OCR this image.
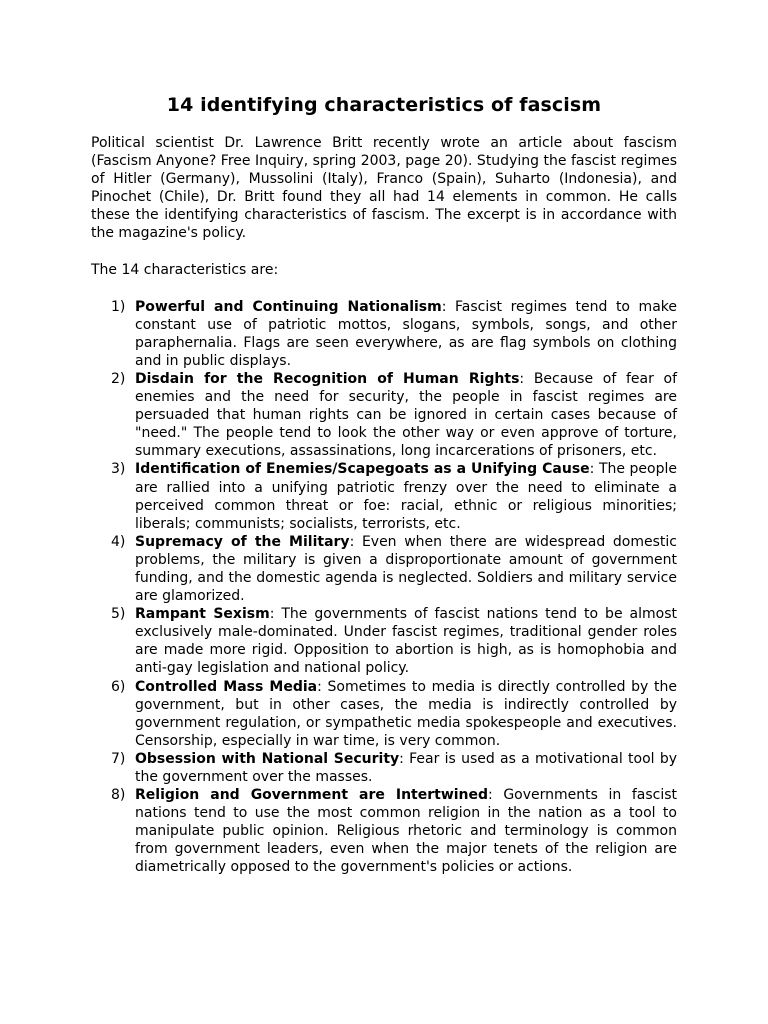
14 identifying characteristics of fascism

Political scientist Dr. Lawrence Britt recently wrote an article about fascism (Fascism Anyone? Free Inquiry, spring 2003, page 20). Studying the fascist regimes of Hitler (Germany), Mussolini (Italy), Franco (Spain), Suharto (Indonesia), and Pinochet (Chile), Dr. Britt found they all had 14 elements in common. He calls these the identifying characteristics of fascism. The excerpt is in accordance with the magazine's policy.

The 14 characteristics are:

1) Powerful and Continuing Nationalism: Fascist regimes tend to make constant use of patriotic mottos, slogans, symbols, songs, and other paraphernalia. Flags are seen everywhere, as are flag symbols on clothing and in public displays.
2) Disdain for the Recognition of Human Rights: Because of fear of enemies and the need for security, the people in fascist regimes are persuaded that human rights can be ignored in certain cases because of "need." The people tend to look the other way or even approve of torture, summary executions, assassinations, long incarcerations of prisoners, etc.
3) Identification of Enemies/Scapegoats as a Unifying Cause: The people are rallied into a unifying patriotic frenzy over the need to eliminate a perceived common threat or foe: racial, ethnic or religious minorities; liberals; communists; socialists, terrorists, etc.
4) Supremacy of the Military: Even when there are widespread domestic problems, the military is given a disproportionate amount of government funding, and the domestic agenda is neglected. Soldiers and military service are glamorized.
5) Rampant Sexism: The governments of fascist nations tend to be almost exclusively male-dominated. Under fascist regimes, traditional gender roles are made more rigid. Opposition to abortion is high, as is homophobia and anti-gay legislation and national policy.
6) Controlled Mass Media: Sometimes to media is directly controlled by the government, but in other cases, the media is indirectly controlled by government regulation, or sympathetic media spokespeople and executives. Censorship, especially in war time, is very common.
7) Obsession with National Security: Fear is used as a motivational tool by the government over the masses.
8) Religion and Government are Intertwined: Governments in fascist nations tend to use the most common religion in the nation as a tool to manipulate public opinion. Religious rhetoric and terminology is common from government leaders, even when the major tenets of the religion are diametrically opposed to the government's policies or actions.
